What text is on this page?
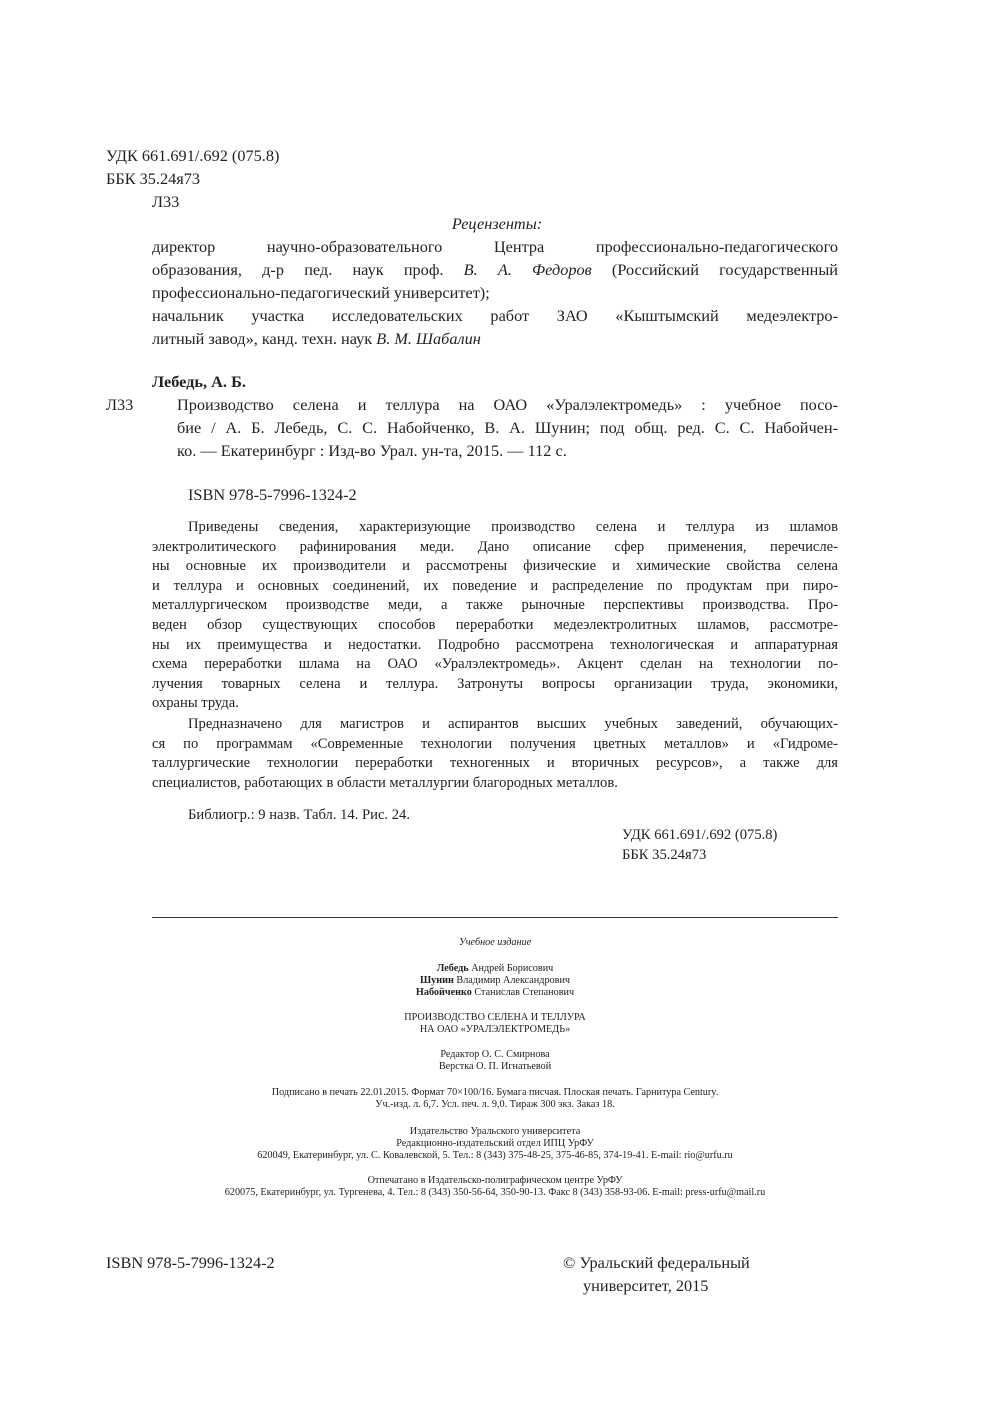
УДК 661.691/.692 (075.8)
ББК 35.24я73
Л33
Рецензенты:
директор научно-образовательного Центра профессионально-педагогического
образования, д-р пед. наук проф. В. А. Федоров (Российский государственный
профессионально-педагогический университет);
начальник участка исследовательских работ ЗАО «Кыштымский медеэлектро-
литный завод», канд. техн. наук В. М. Шабалин
Лебедь, А. Б.
Л33	Производство селена и теллура на ОАО «Уралэлектромедь» : учебное посо-
бие / А. Б. Лебедь, С. С. Набойченко, В. А. Шунин; под общ. ред. С. С. Набойчен-
ко. — Екатеринбург : Изд-во Урал. ун-та, 2015. — 112 с.
ISBN 978-5-7996-1324-2
Приведены сведения, характеризующие производство селена и теллура из шламов
электролитического рафинирования меди. Дано описание сфер применения, перечисле-
ны основные их производители и рассмотрены физические и химические свойства селена
и теллура и основных соединений, их поведение и распределение по продуктам при пиро-
металлургическом производстве меди, а также рыночные перспективы производства. Про-
веден обзор существующих способов переработки медеэлектролитных шламов, рассмотре-
ны их преимущества и недостатки. Подробно рассмотрена технологическая и аппаратурная
схема переработки шлама на ОАО «Уралэлектромедь». Акцент сделан на технологии по-
лучения товарных селена и теллура. Затронуты вопросы организации труда, экономики,
охраны труда.
Предназначено для магистров и аспирантов высших учебных заведений, обучающих-
ся по программам «Современные технологии получения цветных металлов» и «Гидроме-
таллургические технологии переработки техногенных и вторичных ресурсов», а также для
специалистов, работающих в области металлургии благородных металлов.
Библиогр.: 9 назв. Табл. 14. Рис. 24.
УДК 661.691/.692 (075.8)
ББК 35.24я73
Учебное издание
Лебедь Андрей Борисович
Шунин Владимир Александрович
Набойченко Станислав Степанович
ПРОИЗВОДСТВО СЕЛЕНА И ТЕЛЛУРА
НА ОАО «УРАЛЭЛЕКТРОМЕДЬ»
Редактор О. С. Смирнова
Верстка О. П. Игнатьевой
Подписано в печать 22.01.2015. Формат 70×100/16. Бумага писчая. Плоская печать. Гарнитура Century.
Уч.-изд. л. 6,7. Усл. печ. л. 9,0. Тираж 300 экз. Заказ 18.
Издательство Уральского университета
Редакционно-издательский отдел ИПЦ УрФУ
620049, Екатеринбург, ул. С. Ковалевской, 5. Тел.: 8 (343) 375-48-25, 375-46-85, 374-19-41. E-mail: rio@urfu.ru
Отпечатано в Издательско-полиграфическом центре УрФУ
620075, Екатеринбург, ул. Тургенева, 4. Тел.: 8 (343) 350-56-64, 350-90-13. Факс 8 (343) 358-93-06. E-mail: press-urfu@mail.ru
ISBN 978-5-7996-1324-2	© Уральский федеральный
университет, 2015
